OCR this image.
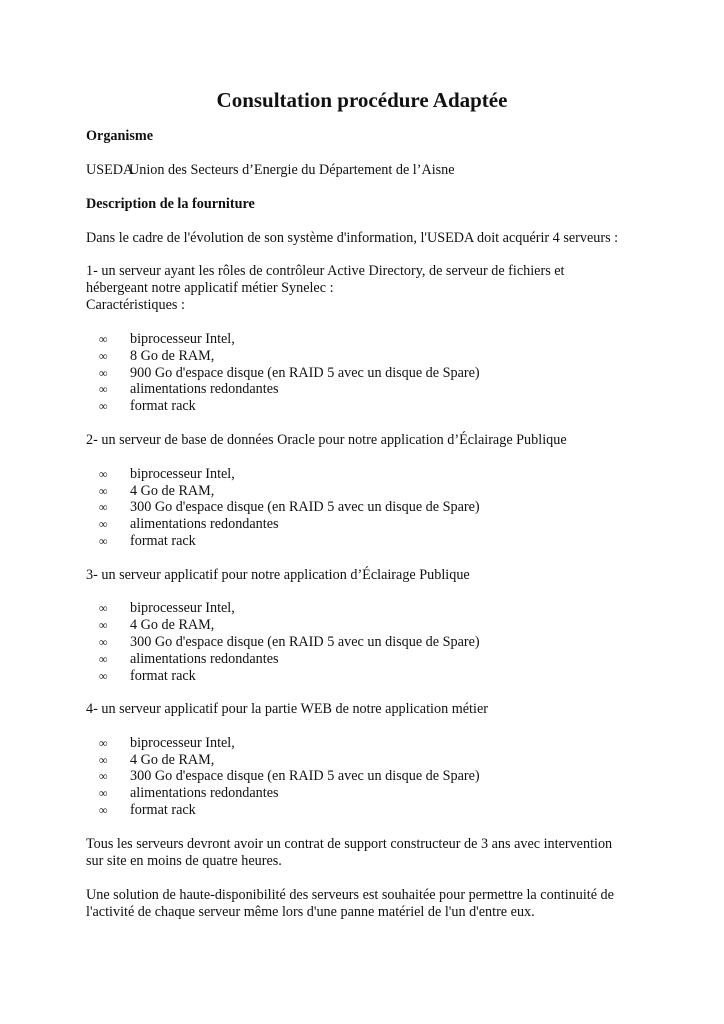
Consultation procédure Adaptée

Organisme

USEDAUnion des Secteurs d’Energie du Département de l’Aisne

Description de la fourniture

Dans le cadre de l'évolution de son système d'information, l'USEDA doit acquérir 4 serveurs :

1- un serveur ayant les rôles de contrôleur Active Directory, de serveur de fichiers et

hébergeant notre applicatif métier Synelec :

Caractéristiques :

∞ biprocesseur Intel,
∞ 8 Go de RAM,
∞ 900 Go d'espace disque (en RAID 5 avec un disque de Spare)
∞ alimentations redondantes
∞ format rack

2- un serveur de base de données Oracle pour notre application d’Éclairage Publique

∞ biprocesseur Intel,
∞ 4 Go de RAM,
∞ 300 Go d'espace disque (en RAID 5 avec un disque de Spare)
∞ alimentations redondantes
∞ format rack

3- un serveur applicatif pour notre application d’Éclairage Publique

∞ biprocesseur Intel,
∞ 4 Go de RAM,
∞ 300 Go d'espace disque (en RAID 5 avec un disque de Spare)
∞ alimentations redondantes
∞ format rack

4- un serveur applicatif pour la partie WEB de notre application métier

∞ biprocesseur Intel,
∞ 4 Go de RAM,
∞ 300 Go d'espace disque (en RAID 5 avec un disque de Spare)
∞ alimentations redondantes
∞ format rack

Tous les serveurs devront avoir un contrat de support constructeur de 3 ans avec intervention

sur site en moins de quatre heures.

Une solution de haute-disponibilité des serveurs est souhaitée pour permettre la continuité de

l'activité de chaque serveur même lors d'une panne matériel de l'un d'entre eux.
